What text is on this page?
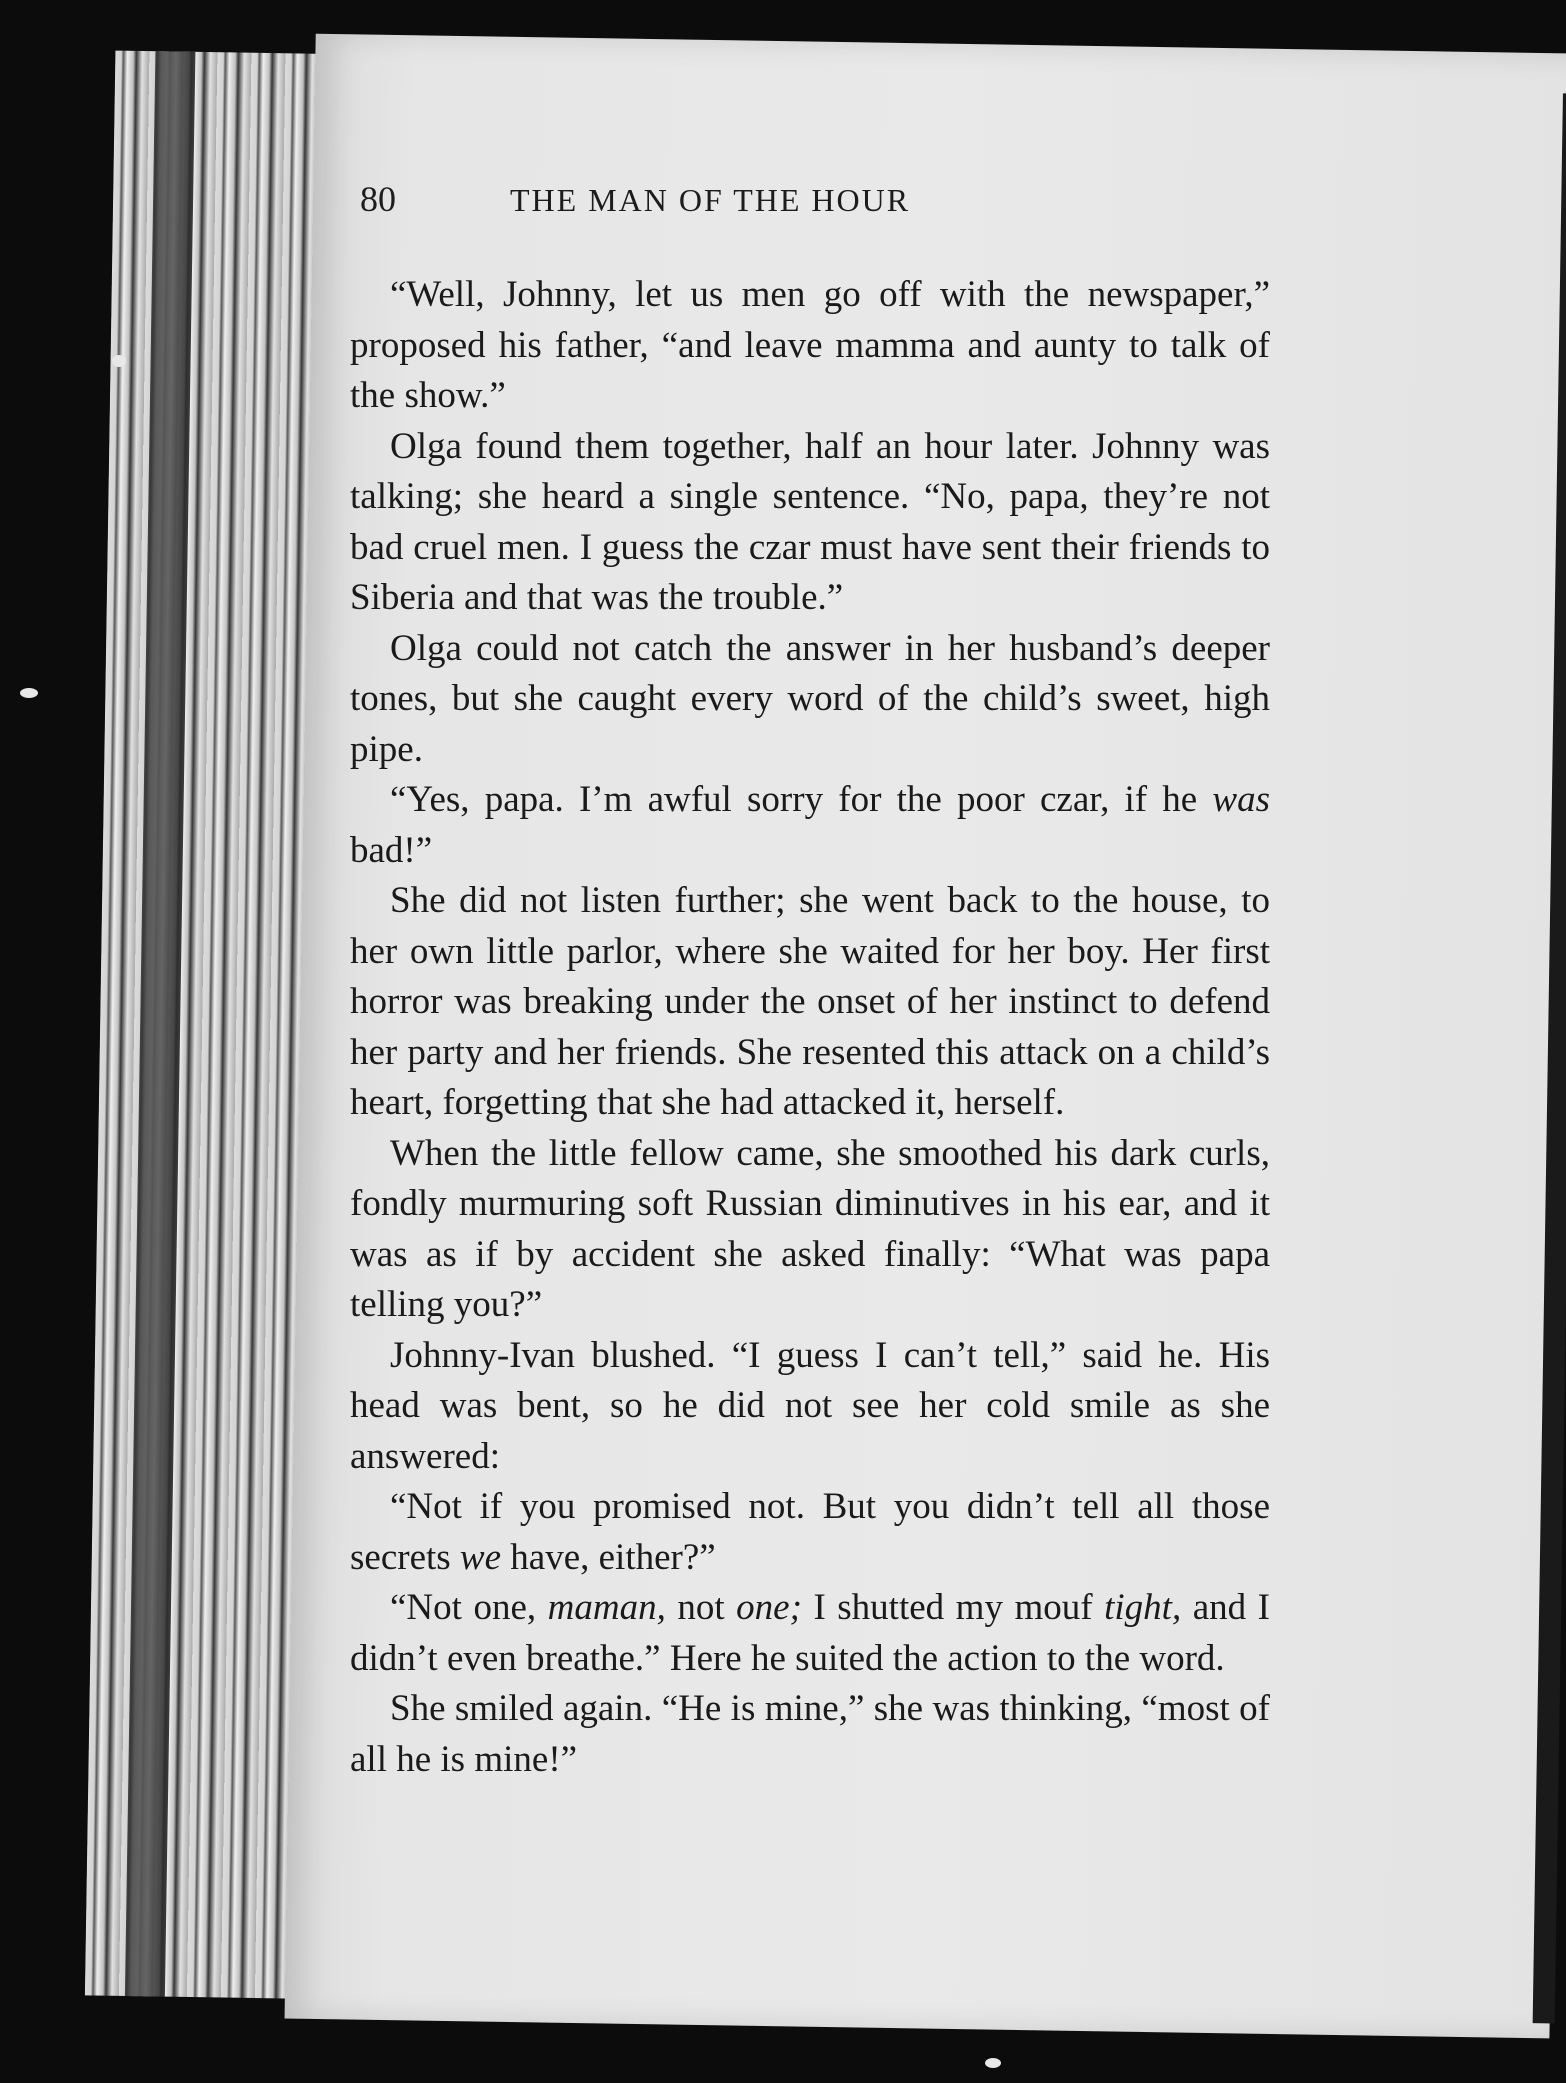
80	THE MAN OF THE HOUR

“Well, Johnny, let us men go off with the newspaper,” proposed his father, “and leave mamma and aunty to talk of the show.”

Olga found them together, half an hour later. Johnny was talking; she heard a single sentence. “No, papa, they’re not bad cruel men. I guess the czar must have sent their friends to Siberia and that was the trouble.”

Olga could not catch the answer in her husband’s deeper tones, but she caught every word of the child’s sweet, high pipe.

“Yes, papa. I’m awful sorry for the poor czar, if he was bad!”

She did not listen further; she went back to the house, to her own little parlor, where she waited for her boy. Her first horror was breaking under the onset of her instinct to defend her party and her friends. She resented this attack on a child’s heart, forgetting that she had attacked it, herself.

When the little fellow came, she smoothed his dark curls, fondly murmuring soft Russian diminutives in his ear, and it was as if by accident she asked finally: “What was papa telling you?”

Johnny-Ivan blushed. “I guess I can’t tell,” said he. His head was bent, so he did not see her cold smile as she answered:

“Not if you promised not. But you didn’t tell all those secrets we have, either?”

“Not one, maman, not one; I shutted my mouf tight, and I didn’t even breathe.” Here he suited the action to the word.

She smiled again. “He is mine,” she was thinking, “most of all he is mine!”
